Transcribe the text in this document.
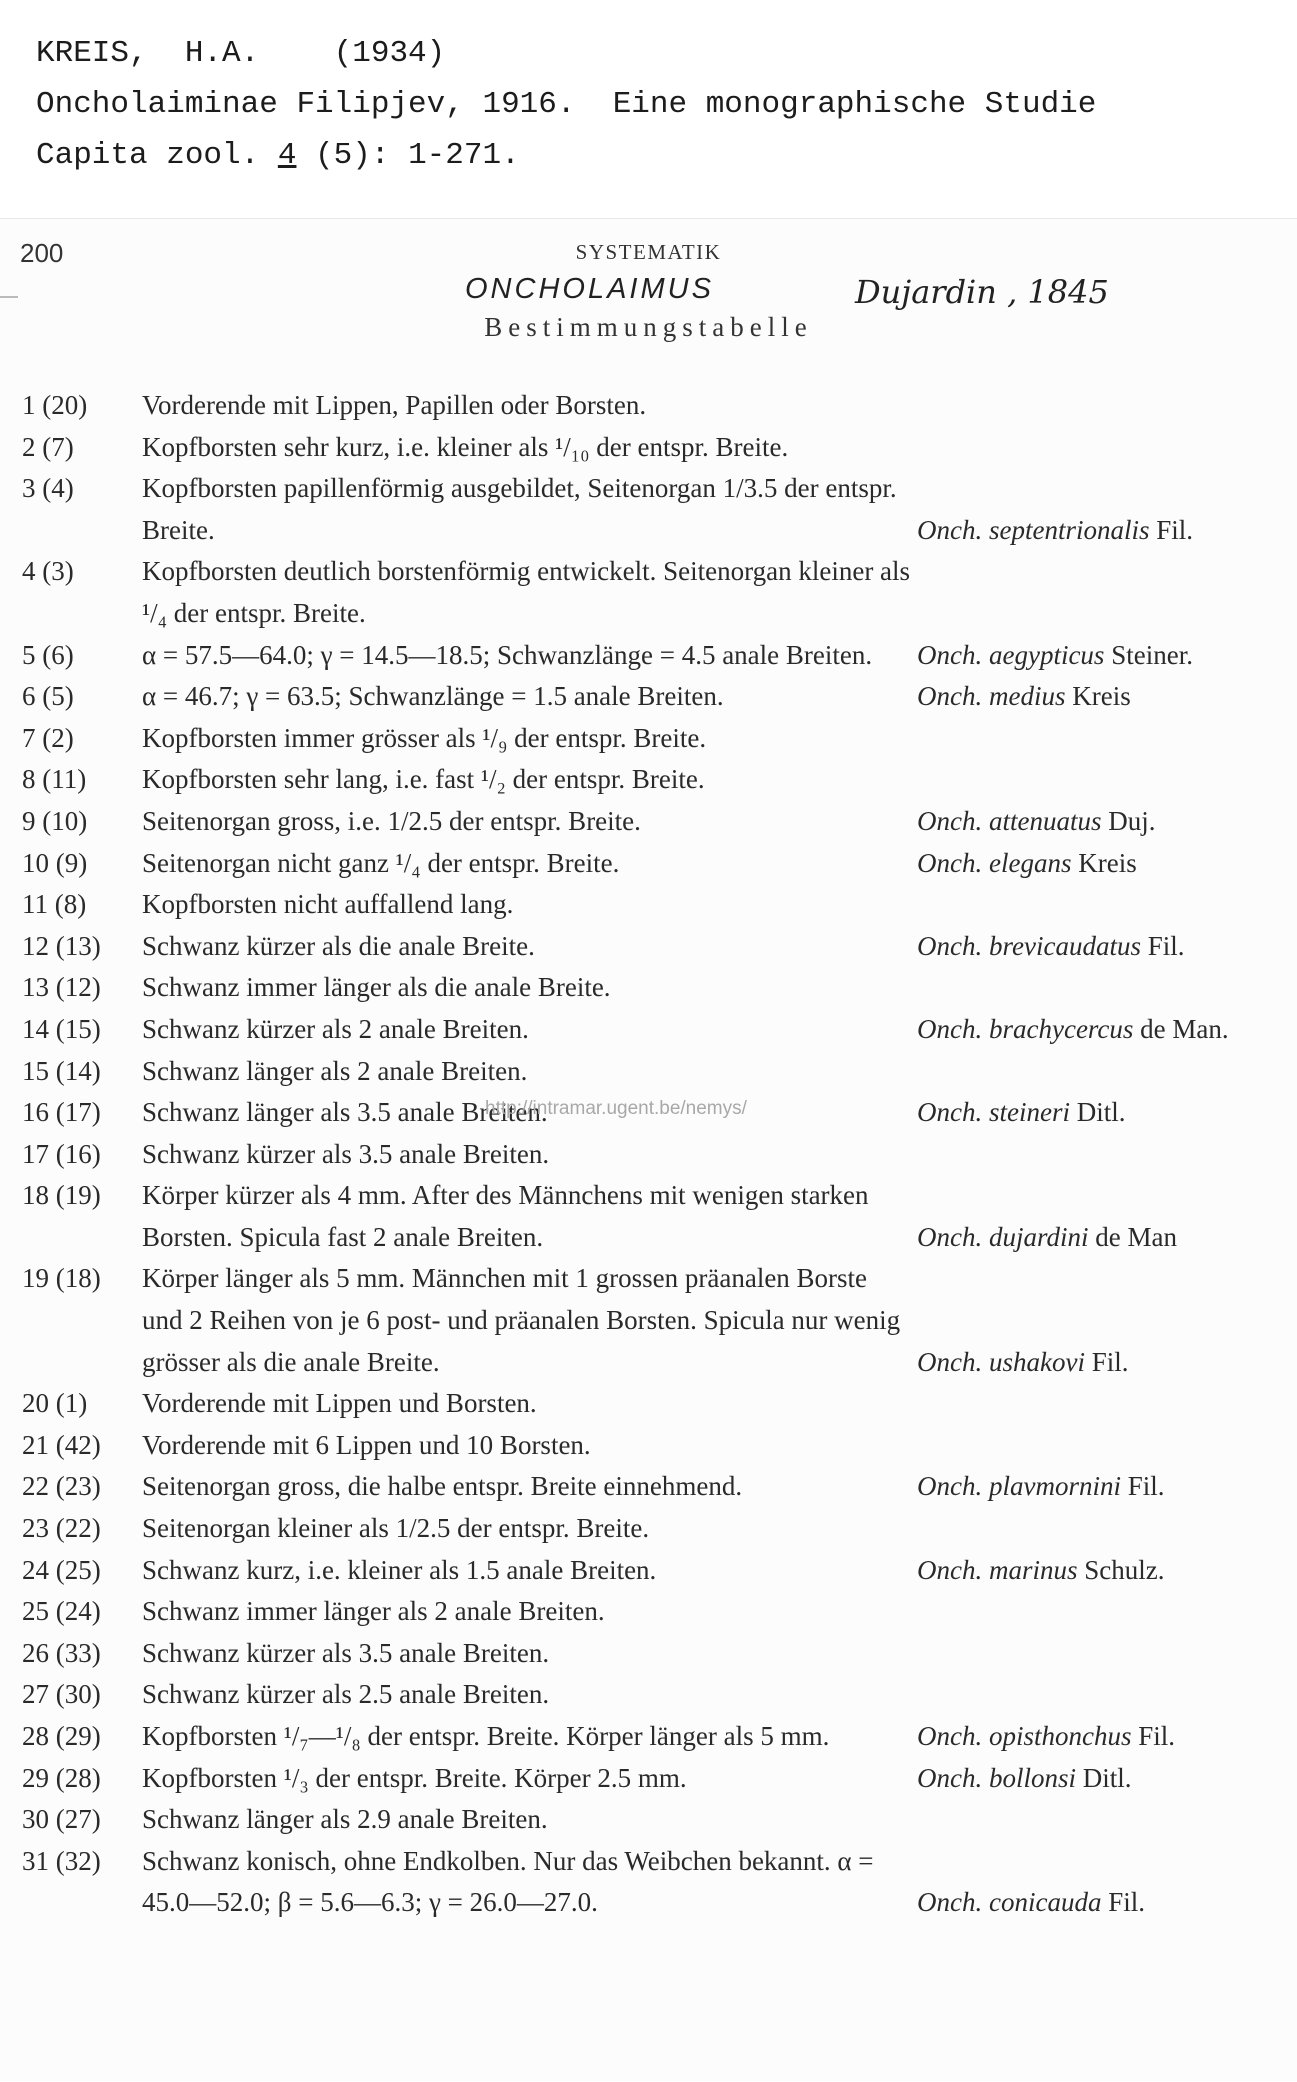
KREIS,  H.A.    (1934)
Oncholaiminae Filipjev, 1916.  Eine monographische Studie
Capita zool. 4 (5): 1-271.
200	SYSTEMATIK
ONCHOLAIMUS	Dujardin , 1845
Bestimmungstabelle
1 (20)	Vorderende mit Lippen, Papillen oder Borsten.
2 (7)	Kopfborsten sehr kurz, i.e. kleiner als ¹/₁₀ der entspr. Breite.
3 (4)	Kopfborsten papillenförmig ausgebildet, Seitenorgan 1/3.5 der entspr. Breite.	Onch. septentrionalis Fil.
4 (3)	Kopfborsten deutlich borstenförmig entwickelt. Seitenorgan kleiner als ¹/₄ der entspr. Breite.
5 (6)	α = 57.5—64.0; γ = 14.5—18.5; Schwanzlänge = 4.5 anale Breiten.	Onch. aegypticus Steiner.
6 (5)	α = 46.7; γ = 63.5; Schwanzlänge = 1.5 anale Breiten.	Onch. medius Kreis
7 (2)	Kopfborsten immer grösser als ¹/₉ der entspr. Breite.
8 (11)	Kopfborsten sehr lang, i.e. fast ¹/₂ der entspr. Breite.
9 (10)	Seitenorgan gross, i.e. 1/2.5 der entspr. Breite.	Onch. attenuatus Duj.
10 (9)	Seitenorgan nicht ganz ¹/₄ der entspr. Breite.	Onch. elegans Kreis
11 (8)	Kopfborsten nicht auffallend lang.
12 (13)	Schwanz kürzer als die anale Breite.	Onch. brevicaudatus Fil.
13 (12)	Schwanz immer länger als die anale Breite.
14 (15)	Schwanz kürzer als 2 anale Breiten.	Onch. brachycercus de Man.
15 (14)	Schwanz länger als 2 anale Breiten.
16 (17)	Schwanz länger als 3.5 anale Breiten.	Onch. steineri Ditl.
17 (16)	Schwanz kürzer als 3.5 anale Breiten.
18 (19)	Körper kürzer als 4 mm. After des Männchens mit wenigen starken Borsten. Spicula fast 2 anale Breiten.	Onch. dujardini de Man
19 (18)	Körper länger als 5 mm. Männchen mit 1 grossen präanalen Borste und 2 Reihen von je 6 post- und präanalen Borsten. Spicula nur wenig grösser als die anale Breite.	Onch. ushakovi Fil.
20 (1)	Vorderende mit Lippen und Borsten.
21 (42)	Vorderende mit 6 Lippen und 10 Borsten.
22 (23)	Seitenorgan gross, die halbe entspr. Breite einnehmend.	Onch. plavmornini Fil.
23 (22)	Seitenorgan kleiner als 1/2.5 der entspr. Breite.
24 (25)	Schwanz kurz, i.e. kleiner als 1.5 anale Breiten.	Onch. marinus Schulz.
25 (24)	Schwanz immer länger als 2 anale Breiten.
26 (33)	Schwanz kürzer als 3.5 anale Breiten.
27 (30)	Schwanz kürzer als 2.5 anale Breiten.
28 (29)	Kopfborsten ¹/₇—¹/₈ der entspr. Breite. Körper länger als 5 mm.	Onch. opisthonchus Fil.
29 (28)	Kopfborsten ¹/₃ der entspr. Breite. Körper 2.5 mm.	Onch. bollonsi Ditl.
30 (27)	Schwanz länger als 2.9 anale Breiten.
31 (32)	Schwanz konisch, ohne Endkolben. Nur das Weibchen bekannt. α = 45.0—52.0; β = 5.6—6.3; γ = 26.0—27.0.	Onch. conicauda Fil.
http://intramar.ugent.be/nemys/
